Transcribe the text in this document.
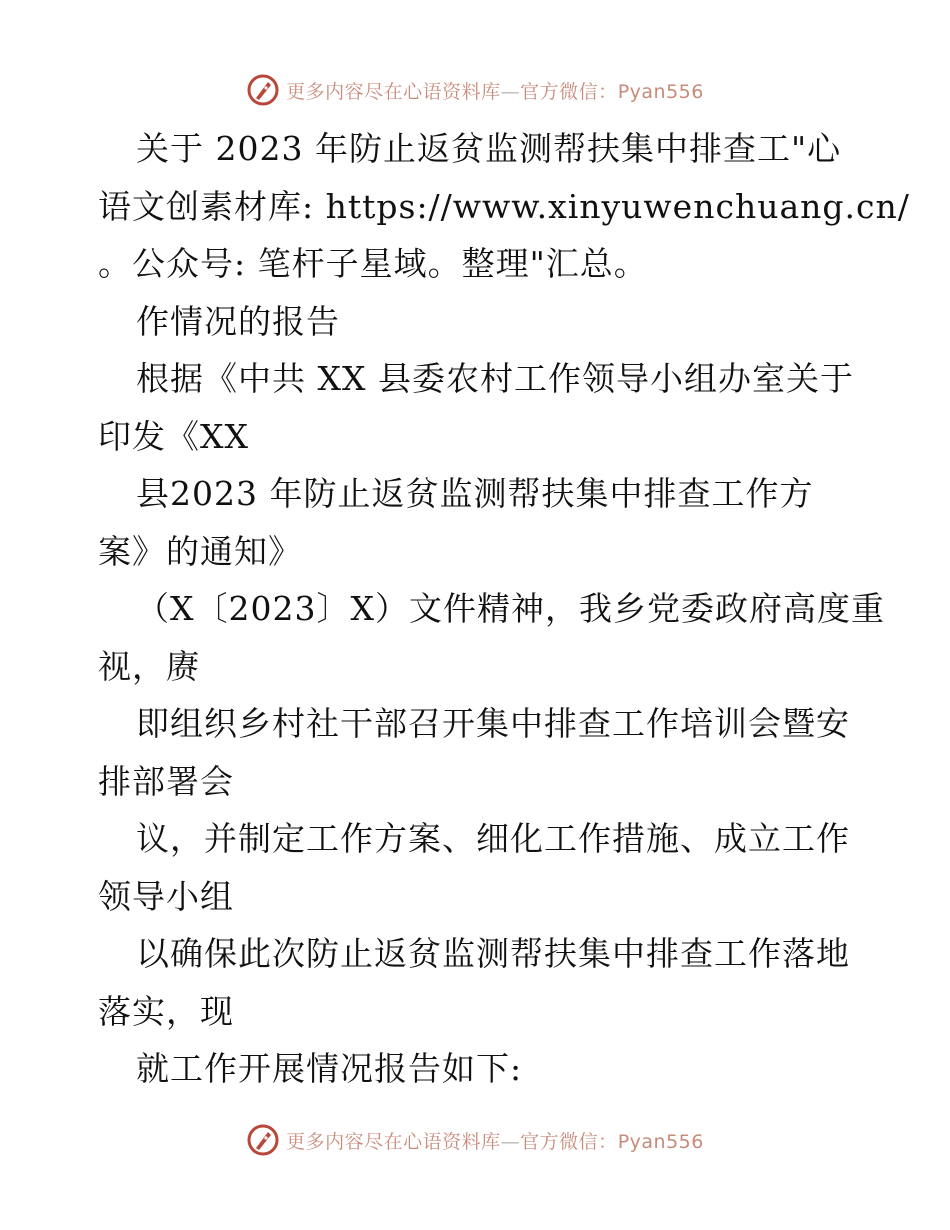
更多内容尽在心语资料库—官方微信：Pyan556
关于 2023 年防止返贫监测帮扶集中排查工"心
语文创素材库: https://www.xinyuwenchuang.cn/
。公众号: 笔杆子星域。整理"汇总。
作情况的报告
根据《中共 XX 县委农村工作领导小组办室关于
印发《XX
县2023 年防止返贫监测帮扶集中排查工作方
案》的通知》
（X〔2023〕X）文件精神，我乡党委政府高度重
视，赓
即组织乡村社干部召开集中排查工作培训会暨安
排部署会
议，并制定工作方案、细化工作措施、成立工作
领导小组
以确保此次防止返贫监测帮扶集中排查工作落地
落实，现
就工作开展情况报告如下:
更多内容尽在心语资料库—官方微信：Pyan556
